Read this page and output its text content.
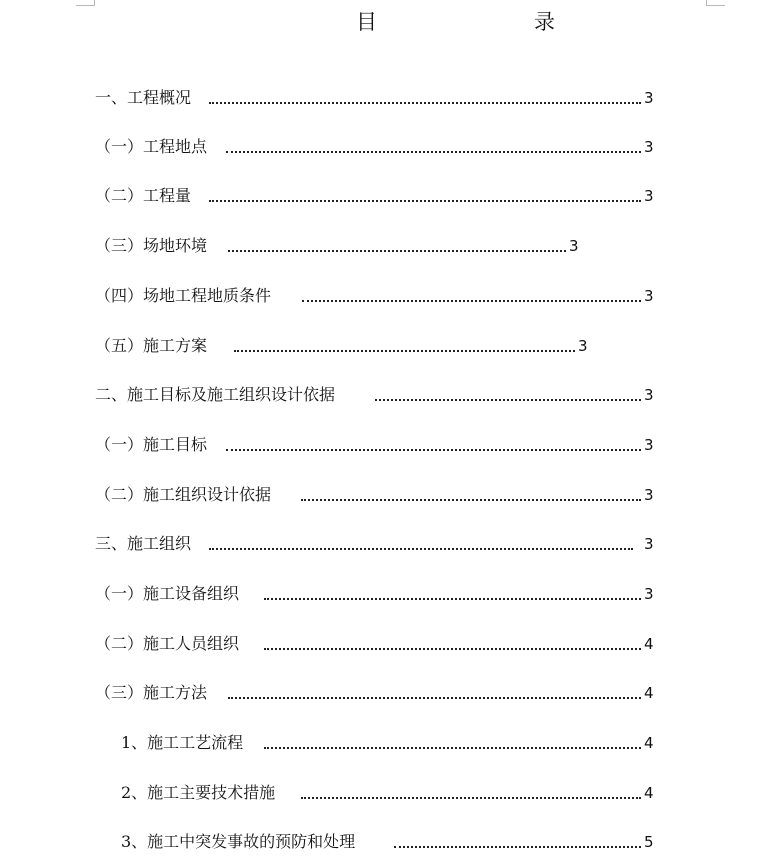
目　录
一、工程概况	3
（一）工程地点	3
（二）工程量	3
（三）场地环境	3
（四）场地工程地质条件	3
（五）施工方案	3
二、施工目标及施工组织设计依据	3
（一）施工目标	3
（二）施工组织设计依据	3
三、施工组织	3
（一）施工设备组织	3
（二）施工人员组织	4
（三）施工方法	4
1、施工工艺流程	4
2、施工主要技术措施	4
3、施工中突发事故的预防和处理	5
